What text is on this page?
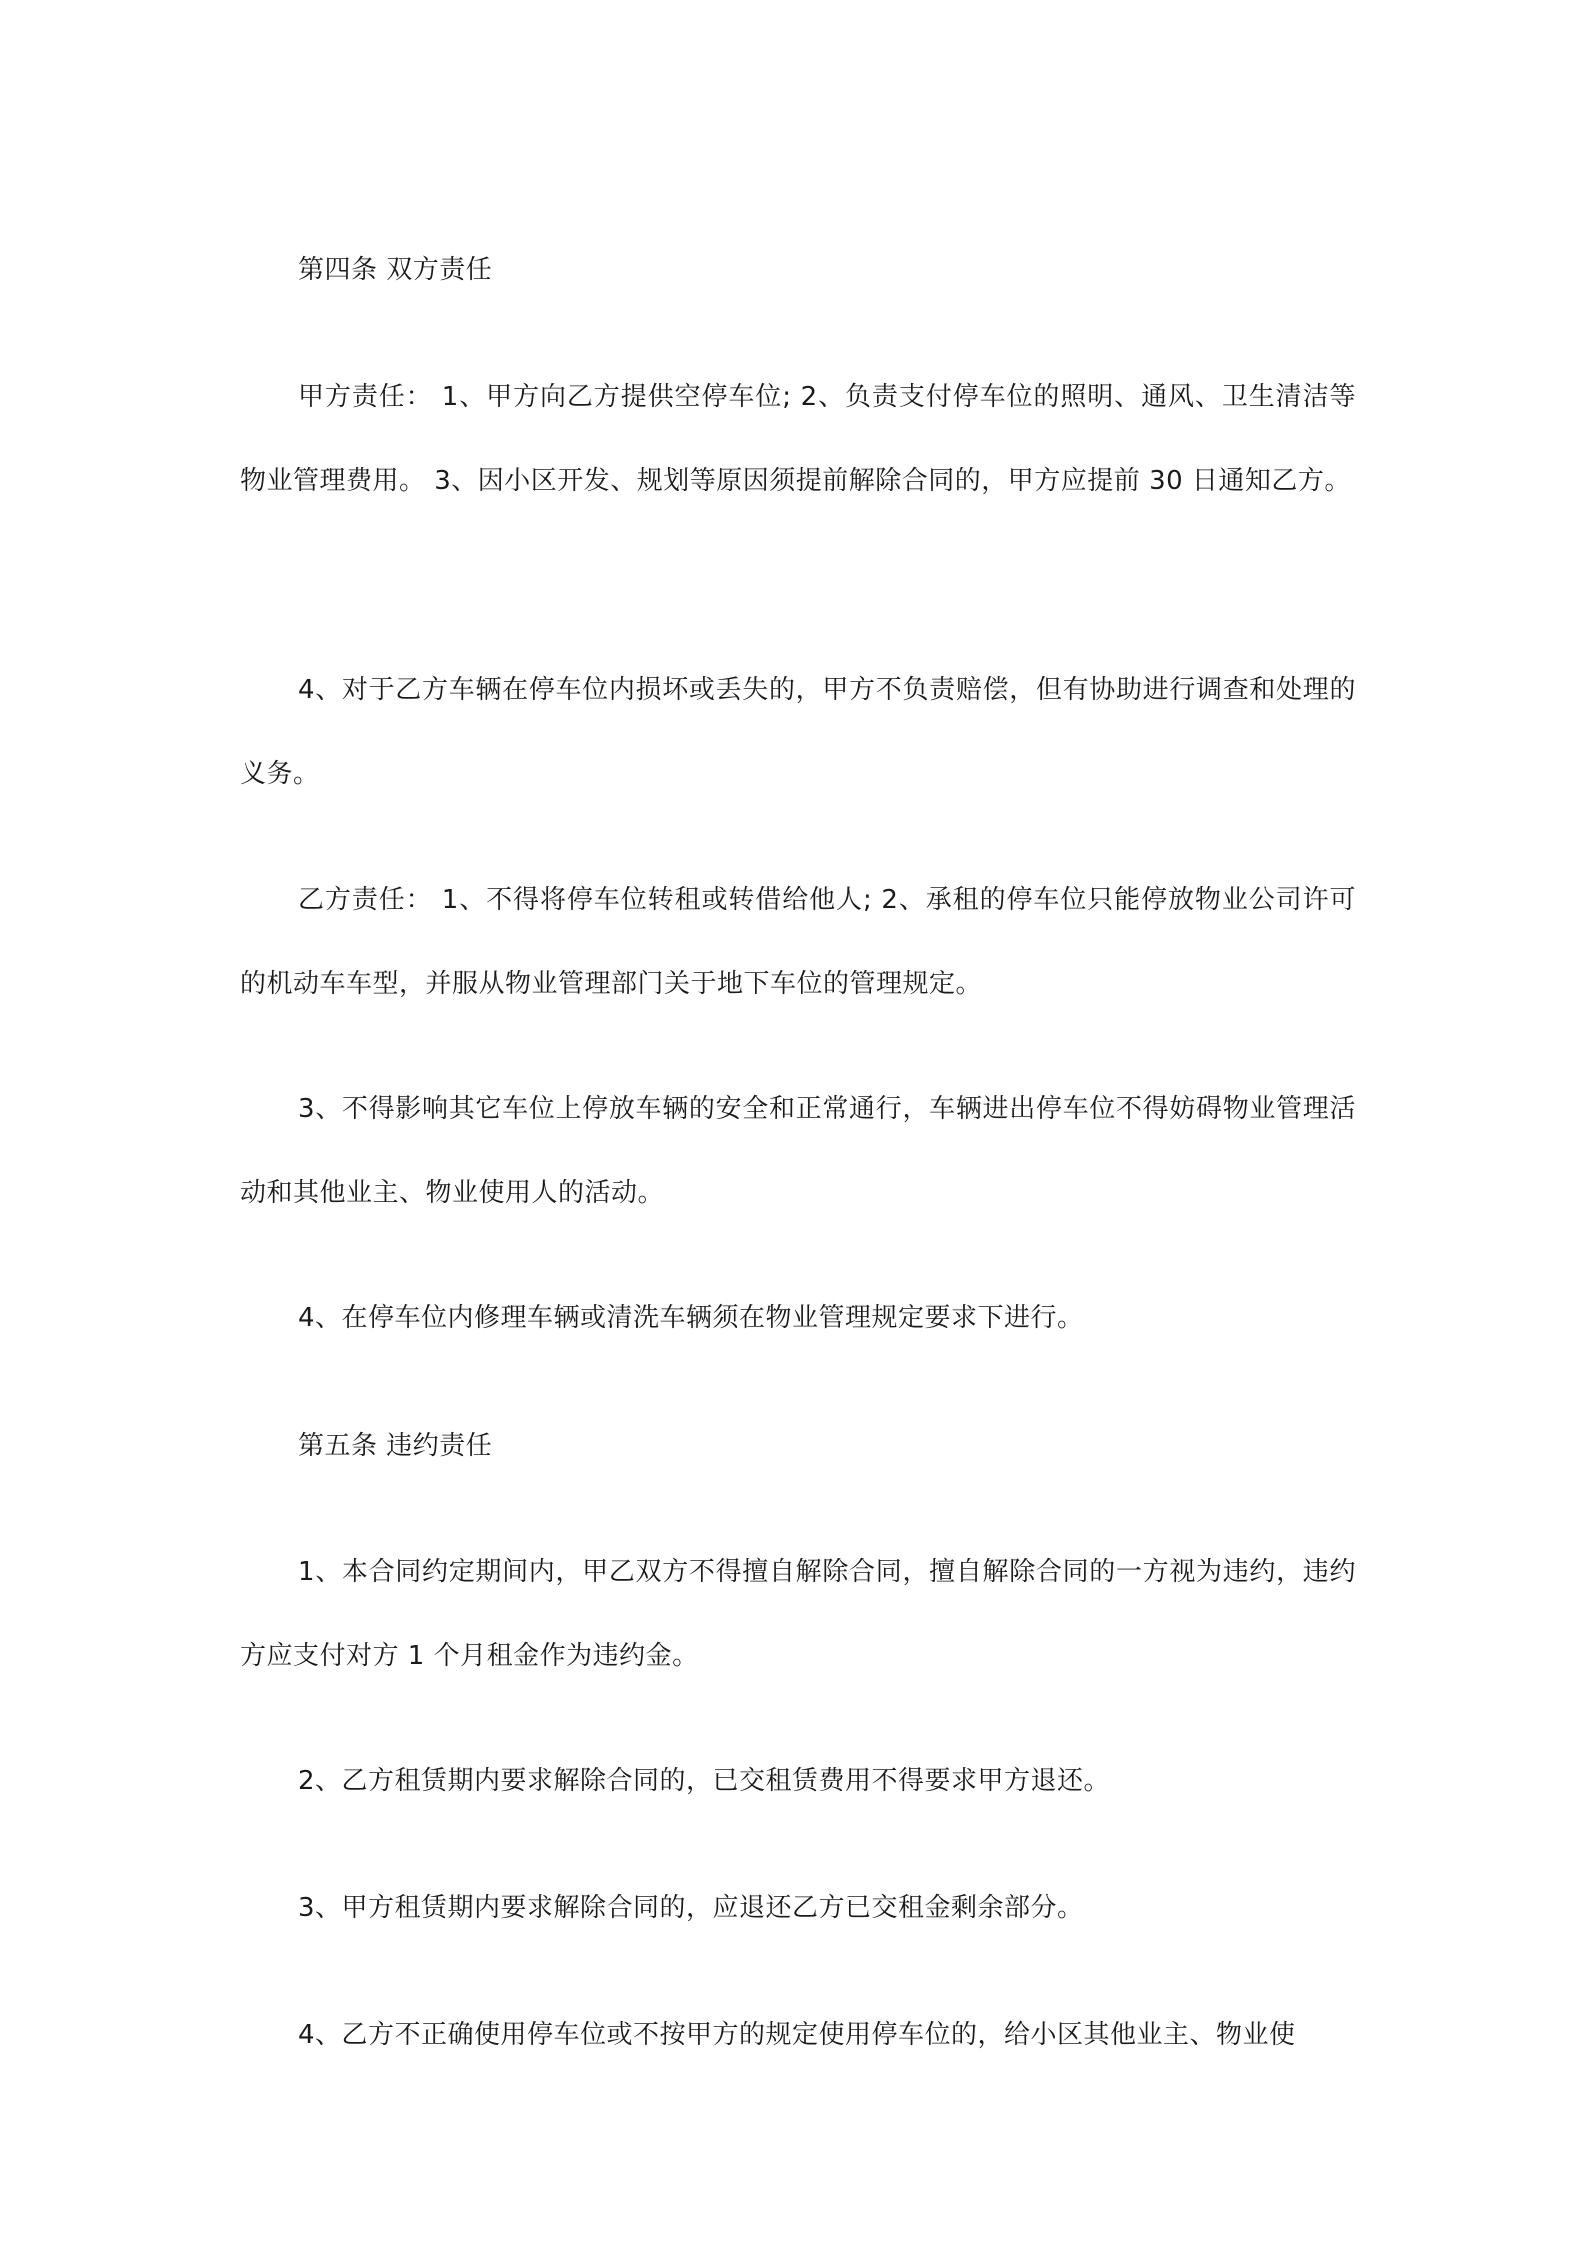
第四条 双方责任

甲方责任： 1、甲方向乙方提供空停车位; 2、负责支付停车位的照明、通风、卫生清洁等物业管理费用。 3、因小区开发、规划等原因须提前解除合同的，甲方应提前 30 日通知乙方。

4、对于乙方车辆在停车位内损坏或丢失的，甲方不负责赔偿，但有协助进行调查和处理的义务。

乙方责任： 1、不得将停车位转租或转借给他人; 2、承租的停车位只能停放物业公司许可的机动车车型，并服从物业管理部门关于地下车位的管理规定。

3、不得影响其它车位上停放车辆的安全和正常通行，车辆进出停车位不得妨碍物业管理活动和其他业主、物业使用人的活动。

4、在停车位内修理车辆或清洗车辆须在物业管理规定要求下进行。

第五条 违约责任

1、本合同约定期间内，甲乙双方不得擅自解除合同，擅自解除合同的一方视为违约，违约方应支付对方 1 个月租金作为违约金。

2、乙方租赁期内要求解除合同的，已交租赁费用不得要求甲方退还。

3、甲方租赁期内要求解除合同的，应退还乙方已交租金剩余部分。

4、乙方不正确使用停车位或不按甲方的规定使用停车位的，给小区其他业主、物业使
